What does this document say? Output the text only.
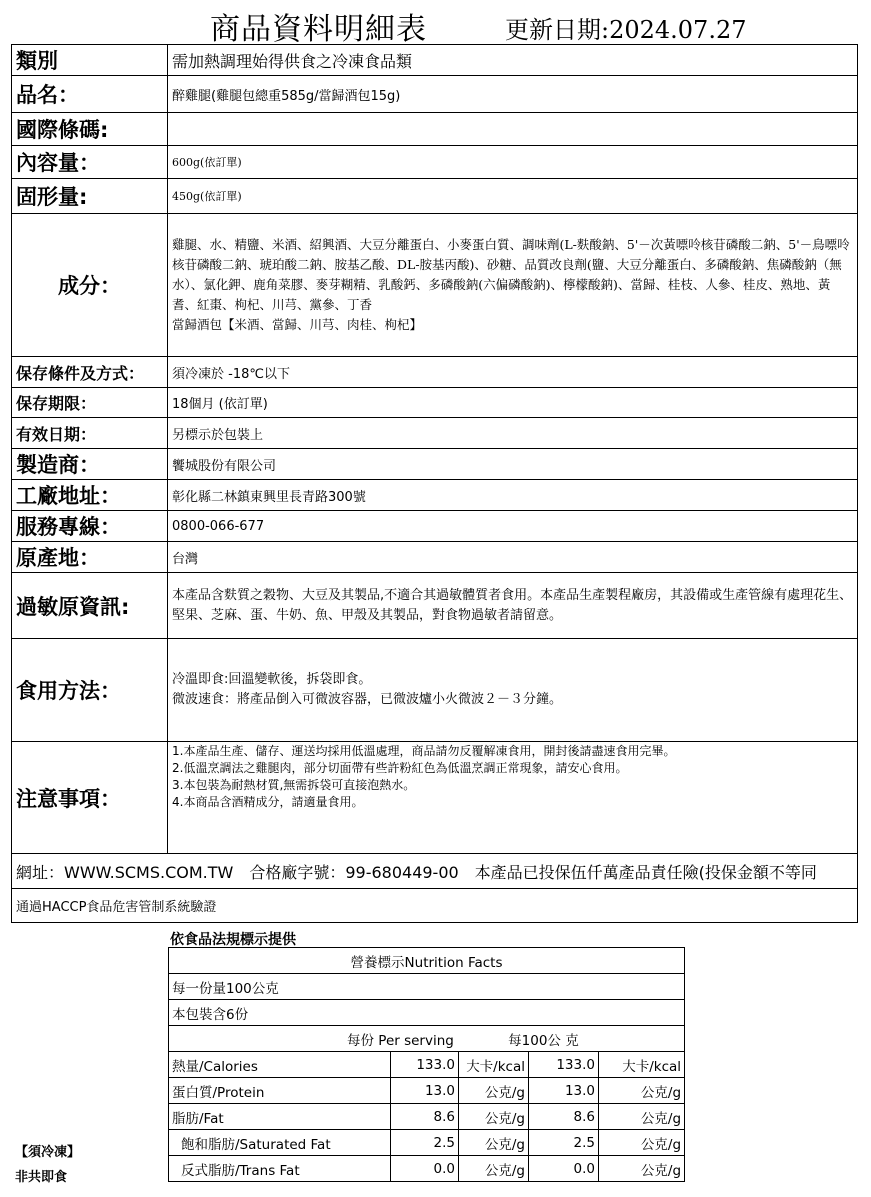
商品資料明細表	更新日期:2024.07.27
類別	需加熱調理始得供食之冷凍食品類
品名：	醉雞腿(雞腿包總重585g/當歸酒包15g)
國際條碼:	
內容量：	600g(依訂單)
固形量:	450g(依訂單)
成分：	雞腿、水、精鹽、米酒、紹興酒、大豆分離蛋白、小麥蛋白質、調味劑(L-麩酸鈉、5'－次黃嘌呤核苷磷酸二鈉、5'－鳥嘌呤核苷磷酸二鈉、琥珀酸二鈉、胺基乙酸、DL-胺基丙酸)、砂糖、品質改良劑(鹽、大豆分離蛋白、多磷酸鈉、焦磷酸鈉（無水）、氯化鉀、鹿角菜膠、麥芽糊精、乳酸鈣、多磷酸鈉(六偏磷酸鈉)、檸檬酸鈉)、當歸、桂枝、人參、桂皮、熟地、黃耆、紅棗、枸杞、川芎、黨參、丁香
當歸酒包【米酒、當歸、川芎、肉桂、枸杞】

保存條件及方式：	須冷凍於 -18℃以下
保存期限：	18個月 (依訂單)
有效日期：	另標示於包裝上
製造商：	饗城股份有限公司
工廠地址：	彰化縣二林鎮東興里長青路300號
服務專線：	0800-066-677
原產地：	台灣
過敏原資訊:	本產品含麩質之穀物、大豆及其製品,不適合其過敏體質者食用。本產品生產製程廠房，其設備或生產管線有處理花生、堅果、芝麻、蛋、牛奶、魚、甲殼及其製品，對食物過敏者請留意。
食用方法：	冷溫即食:回溫變軟後，拆袋即食。
微波速食：將產品倒入可微波容器，已微波爐小火微波２－３分鐘。

注意事項：	1.本產品生產、儲存、運送均採用低溫處理，商品請勿反覆解凍食用，開封後請盡速食用完畢。
2.低溫烹調法之雞腿肉，部分切面帶有些許粉紅色為低溫烹調正常現象，請安心食用。
3.本包裝為耐熱材質,無需拆袋可直接泡熱水。
4.本商品含酒精成分，請適量食用。

網址：WWW.SCMS.COM.TW　合格廠字號：99-680449-00　本產品已投保伍仟萬產品責任險(投保金額不等同	
通過HACCP食品危害管制系統驗證	
依食品法規標示提供
營養標示Nutrition Facts				
每一份量100公克				
本包裝含6份				
每份 Per serving 每100公 克				
熱量/Calories	133.0	大卡/kcal	133.0	大卡/kcal
蛋白質/Protein	13.0	公克/g	13.0	公克/g
脂肪/Fat	8.6	公克/g	8.6	公克/g
飽和脂肪/Saturated Fat	2.5	公克/g	2.5	公克/g
反式脂肪/Trans Fat	0.0	公克/g	0.0	公克/g
【須冷凍】
非共即食
